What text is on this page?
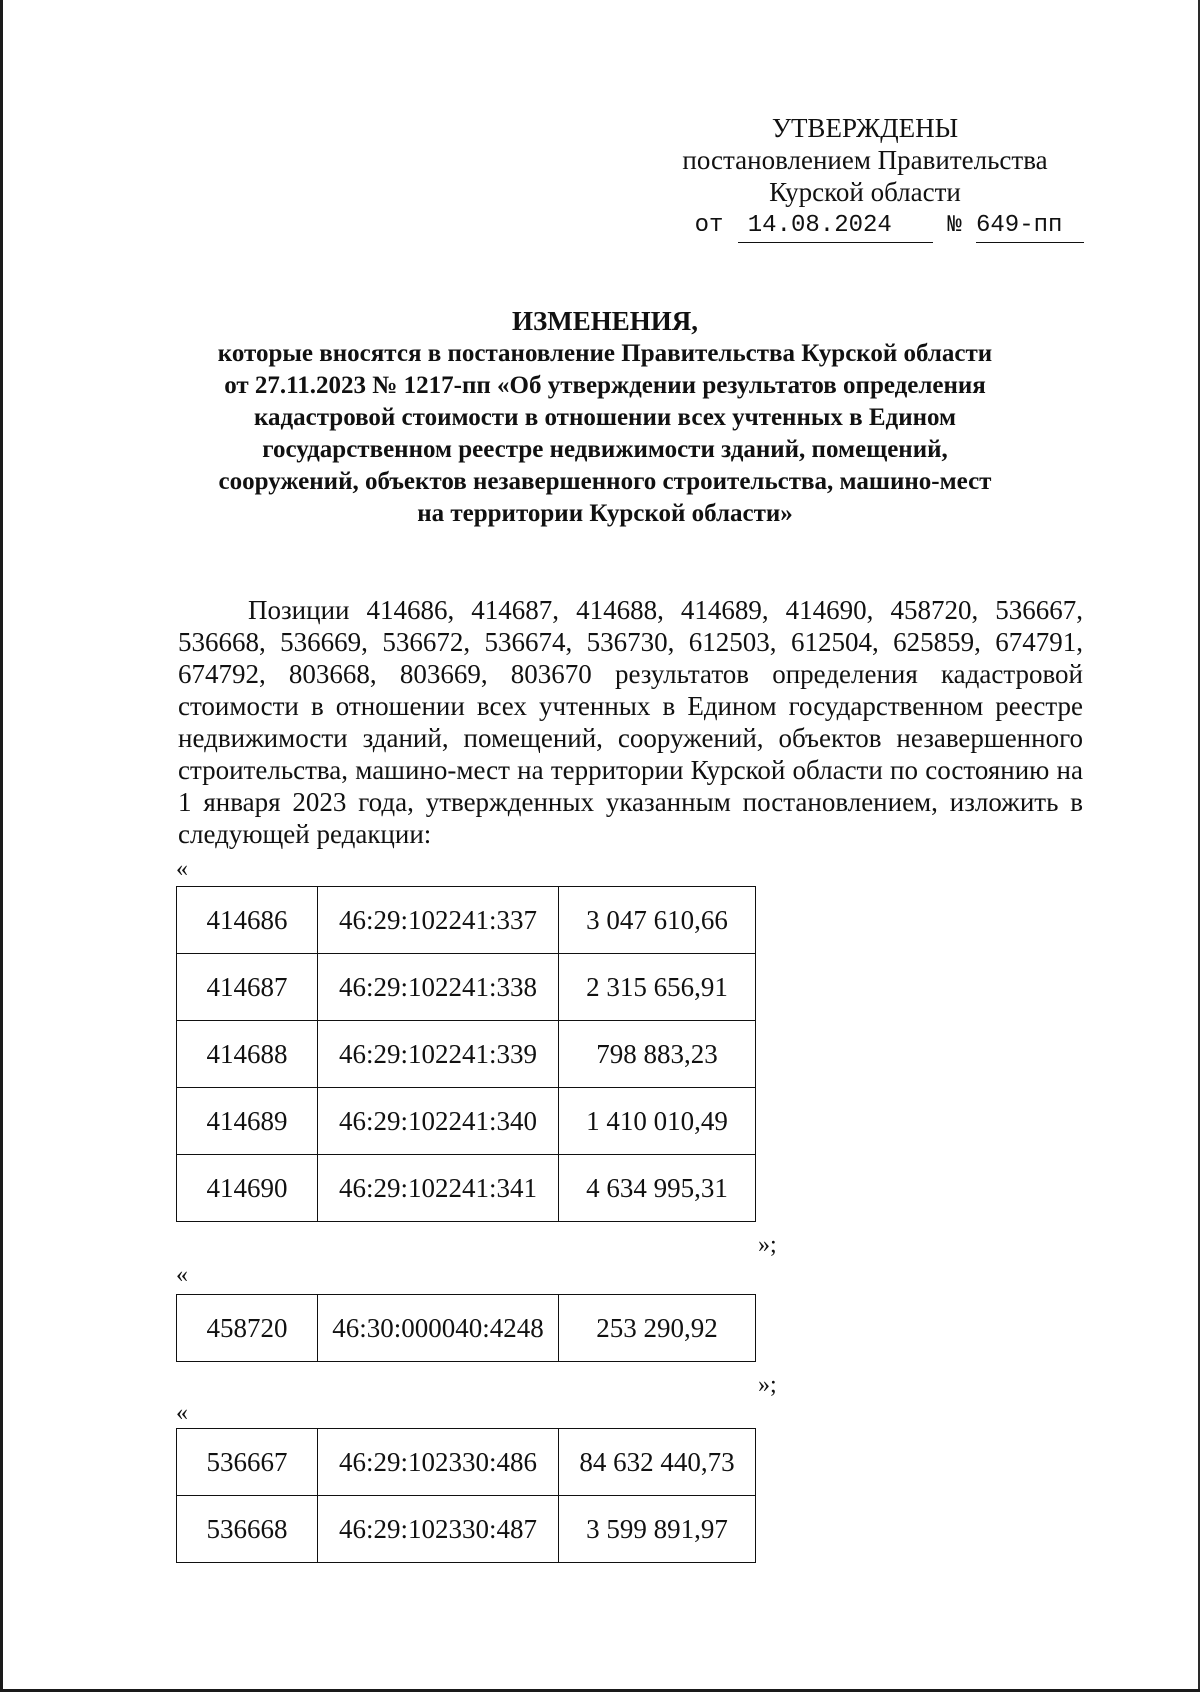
УТВЕРЖДЕНЫ
постановлением Правительства
Курской области
от 14.08.2024 № 649-пп
ИЗМЕНЕНИЯ,
которые вносятся в постановление Правительства Курской области
от 27.11.2023 № 1217-пп «Об утверждении результатов определения
кадастровой стоимости в отношении всех учтенных в Едином
государственном реестре недвижимости зданий, помещений,
сооружений, объектов незавершенного строительства, машино-мест
на территории Курской области»

Позиции 414686, 414687, 414688, 414689, 414690, 458720, 536667, 536668, 536669, 536672, 536674, 536730, 612503, 612504, 625859, 674791, 674792, 803668, 803669, 803670 результатов определения кадастровой стоимости в отношении всех учтенных в Едином государственном реестре недвижимости зданий, помещений, сооружений, объектов незавершенного строительства, машино-мест на территории Курской области по состоянию на 1 января 2023 года, утвержденных указанным постановлением, изложить в следующей редакции:

«
414686	46:29:102241:337	3 047 610,66
414687	46:29:102241:338	2 315 656,91
414688	46:29:102241:339	798 883,23
414689	46:29:102241:340	1 410 010,49
414690	46:29:102241:341	4 634 995,31
»;
«
458720	46:30:000040:4248	253 290,92
»;
«
536667	46:29:102330:486	84 632 440,73
536668	46:29:102330:487	3 599 891,97
